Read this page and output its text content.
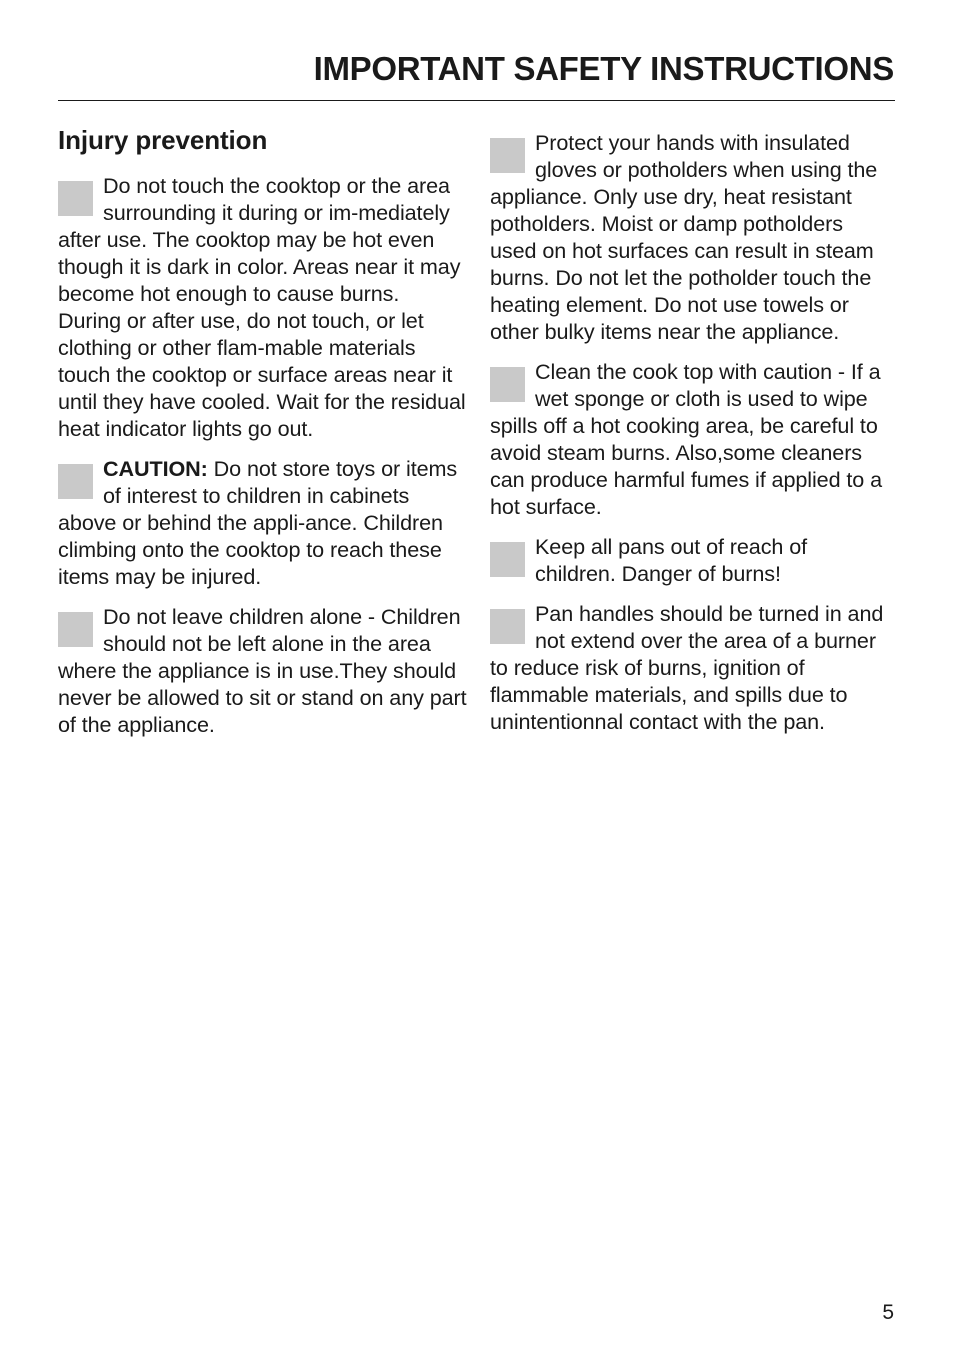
IMPORTANT SAFETY INSTRUCTIONS
Injury prevention

Do not touch the cooktop or the area surrounding it during or im-mediately after use. The cooktop may be hot even though it is dark in color. Areas near it may become hot enough to cause burns. During or after use, do not touch, or let clothing or other flam-mable materials touch the cooktop or surface areas near it until they have cooled. Wait for the residual heat indicator lights go out.

CAUTION: Do not store toys or items of interest to children in cabinets above or behind the appli-ance. Children climbing onto the cooktop to reach these items may be injured.

Do not leave children alone - Children should not be left alone in the area where the appliance is in use.They should never be allowed to sit or stand on any part of the appliance.

Protect your hands with insulated gloves or potholders when using the appliance. Only use dry, heat resistant potholders. Moist or damp potholders used on hot surfaces can result in steam burns. Do not let the potholder touch the heating element. Do not use towels or other bulky items near the appliance.

Clean the cook top with caution - If a wet sponge or cloth is used to wipe spills off a hot cooking area, be careful to avoid steam burns. Also,some cleaners can produce harmful fumes if applied to a hot surface.

Keep all pans out of reach of children. Danger of burns!

Pan handles should be turned in and not extend over the area of a burner to reduce risk of burns, ignition of flammable materials, and spills due to unintentionnal contact with the pan.

5
